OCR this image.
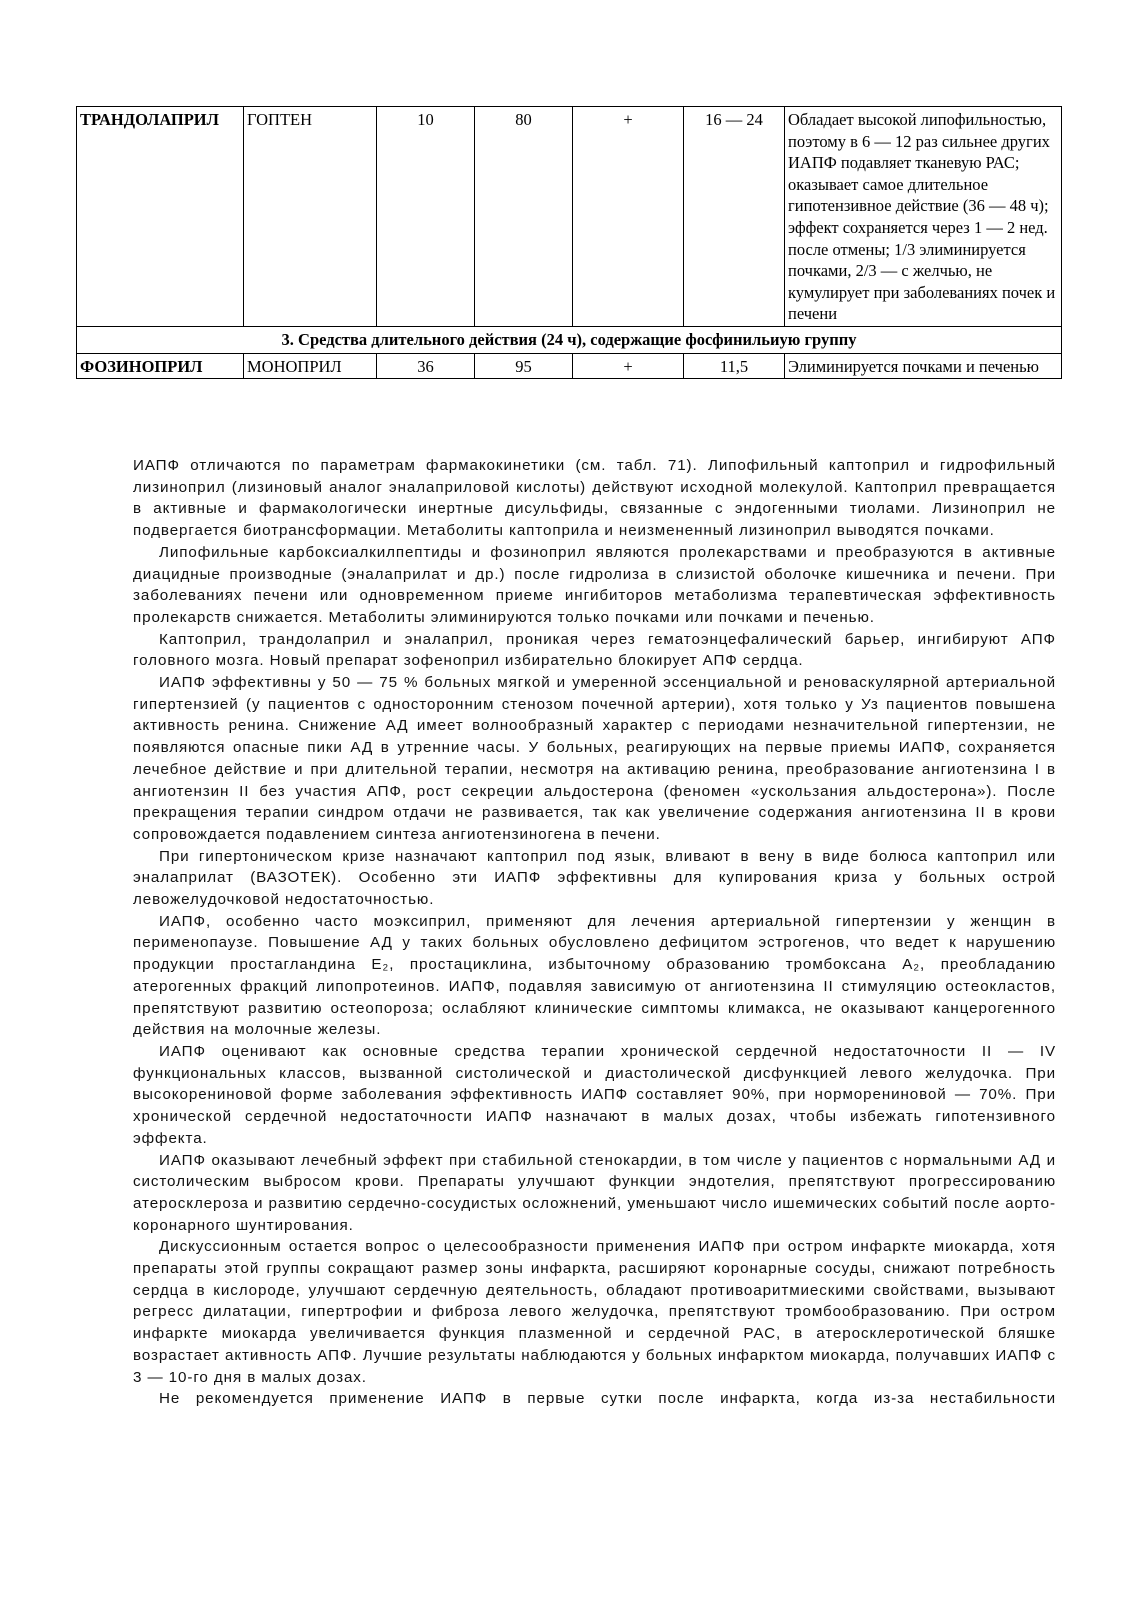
ТРАНДОЛАПРИЛ	ГОПТЕН	10	80	+	16 — 24	Обладает высокой липофильностью, поэтому в 6 — 12 раз сильнее других ИАПФ подавляет тканевую РАС; оказывает самое длительное гипотензивное действие (36 — 48 ч); эффект сохраняется через 1 — 2 нед. после отмены; 1/3 элиминируется почками, 2/3 — с желчью, не кумулирует при заболеваниях почек и печени
3. Средства длительного действия (24 ч), содержащие фосфинильиую группу						
ФОЗИНОПРИЛ	МОНОПРИЛ	36	95	+	11,5	Элиминируется почками и печенью

ИАПФ отличаются по параметрам фармакокинетики (см. табл. 71). Липофильный каптоприл и гидрофильный лизиноприл (лизиновый аналог эналаприловой кислоты) действуют исходной молекулой. Каптоприл превращается в активные и фармакологически инертные дисульфиды, связанные с эндогенными тиолами. Лизиноприл не подвергается биотрансформации. Метаболиты каптоприла и неизмененный лизиноприл выводятся почками.

Липофильные карбоксиалкилпептиды и фозиноприл являются пролекарствами и преобразуются в активные диацидные производные (эналаприлат и др.) после гидролиза в слизистой оболочке кишечника и печени. При заболеваниях печени или одновременном приеме ингибиторов метаболизма терапевтическая эффективность пролекарств снижается. Метаболиты элиминируются только почками или почками и печенью.

Каптоприл, трандолаприл и эналаприл, проникая через гематоэнцефалический барьер, ингибируют АПФ головного мозга. Новый препарат зофеноприл избирательно блокирует АПФ сердца.

ИАПФ эффективны у 50 — 75 % больных мягкой и умеренной эссенциальной и реноваскулярной артериальной гипертензией (у пациентов с односторонним стенозом почечной артерии), хотя только у Уз пациентов повышена активность ренина. Снижение АД имеет волнообразный характер с периодами незначительной гипертензии, не появляются опасные пики АД в утренние часы. У больных, реагирующих на первые приемы ИАПФ, сохраняется лечебное действие и при длительной терапии, несмотря на активацию ренина, преобразование ангиотензина I в ангиотензин II без участия АПФ, рост секреции альдостерона (феномен «ускользания альдостерона»). После прекращения терапии синдром отдачи не развивается, так как увеличение содержания ангиотензина II в крови сопровождается подавлением синтеза ангиотензиногена в печени.

При гипертоническом кризе назначают каптоприл под язык, вливают в вену в виде болюса каптоприл или эналаприлат (ВАЗОТЕК). Особенно эти ИАПФ эффективны для купирования криза у больных острой левожелудочковой недостаточностью.

ИАПФ, особенно часто моэксиприл, применяют для лечения артериальной гипертензии у женщин в перименопаузе. Повышение АД у таких больных обусловлено дефицитом эстрогенов, что ведет к нарушению продукции простагландина E₂, простациклина, избыточному образованию тромбоксана A₂, преобладанию атерогенных фракций липопротеинов. ИАПФ, подавляя зависимую от ангиотензина II стимуляцию остеокластов, препятствуют развитию остеопороза; ослабляют клинические симптомы климакса, не оказывают канцерогенного действия на молочные железы.

ИАПФ оценивают как основные средства терапии хронической сердечной недостаточности II — IV функциональных классов, вызванной систолической и диастолической дисфункцией левого желудочка. При высокорениновой форме заболевания эффективность ИАПФ составляет 90%, при норморениновой — 70%. При хронической сердечной недостаточности ИАПФ назначают в малых дозах, чтобы избежать гипотензивного эффекта.

ИАПФ оказывают лечебный эффект при стабильной стенокардии, в том числе у пациентов с нормальными АД и систолическим выбросом крови. Препараты улучшают функции эндотелия, препятствуют прогрессированию атеросклероза и развитию сердечно-сосудистых осложнений, уменьшают число ишемических событий после аорто-коронарного шунтирования.

Дискуссионным остается вопрос о целесообразности применения ИАПФ при остром инфаркте миокарда, хотя препараты этой группы сокращают размер зоны инфаркта, расширяют коронарные сосуды, снижают потребность сердца в кислороде, улучшают сердечную деятельность, обладают противоаритмиескими свойствами, вызывают регресс дилатации, гипертрофии и фиброза левого желудочка, препятствуют тромбообразованию. При остром инфаркте миокарда увеличивается функция плазменной и сердечной РАС, в атеросклеротической бляшке возрастает активность АПФ. Лучшие результаты наблюдаются у больных инфарктом миокарда, получавших ИАПФ с 3 — 10-го дня в малых дозах.

Не рекомендуется применение ИАПФ в первые сутки после инфаркта, когда из-за нестабильности
